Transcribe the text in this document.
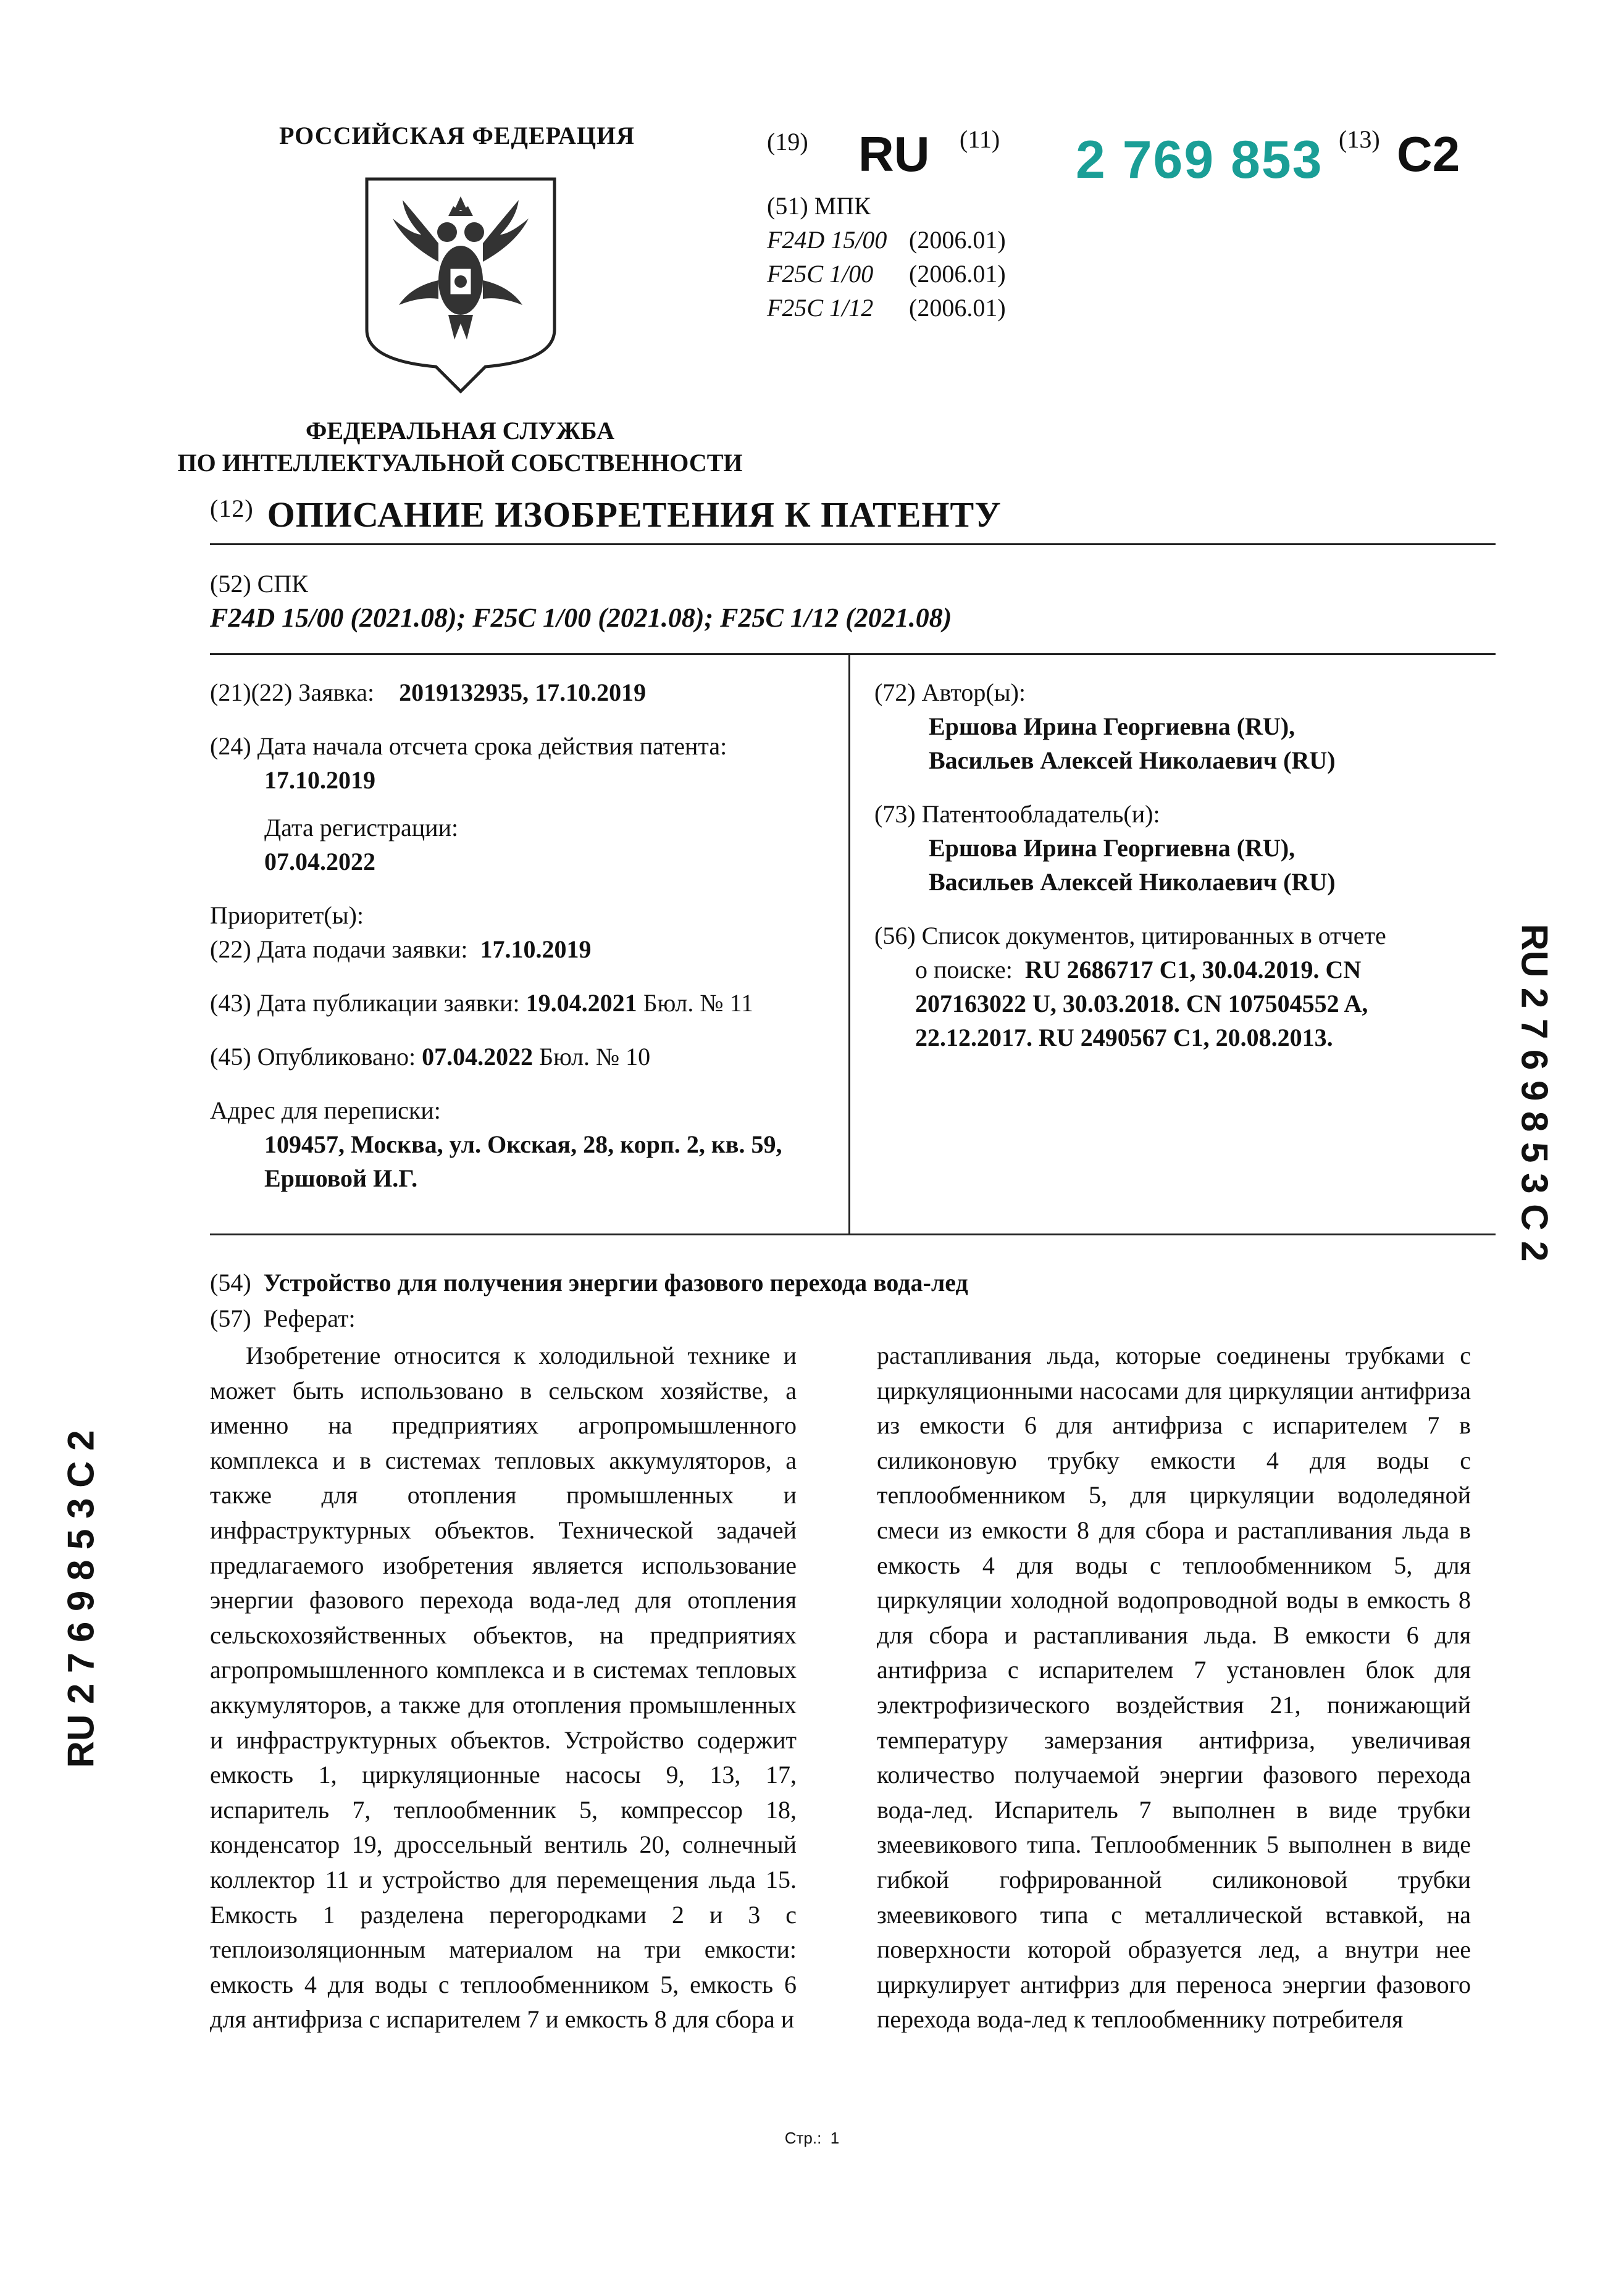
РОССИЙСКАЯ ФЕДЕРАЦИЯ
ФЕДЕРАЛЬНАЯ СЛУЖБА
ПО ИНТЕЛЛЕКТУАЛЬНОЙ СОБСТВЕННОСТИ
(19) RU (11) 2 769 853 (13) C2
(51) МПК
F24D 15/00 (2006.01)
F25C 1/00 (2006.01)
F25C 1/12 (2006.01)
$^{(12)}$ ОПИСАНИЕ ИЗОБРЕТЕНИЯ К ПАТЕНТУ
(52) СПК
F24D 15/00 (2021.08); F25C 1/00 (2021.08); F25C 1/12 (2021.08)
(21)(22) Заявка: 2019132935, 17.10.2019
(24) Дата начала отсчета срока действия патента:
17.10.2019
Дата регистрации:
07.04.2022
Приоритет(ы):
(22) Дата подачи заявки: 17.10.2019
(43) Дата публикации заявки: 19.04.2021 Бюл. № 11
(45) Опубликовано: 07.04.2022 Бюл. № 10
Адрес для переписки:
109457, Москва, ул. Окская, 28, корп. 2, кв. 59,
Ершовой И.Г.
(72) Автор(ы):
Ершова Ирина Георгиевна (RU),
Васильев Алексей Николаевич (RU)
(73) Патентообладатель(и):
Ершова Ирина Георгиевна (RU),
Васильев Алексей Николаевич (RU)
(56) Список документов, цитированных в отчете
о поиске: RU 2686717 C1, 30.04.2019. CN
207163022 U, 30.03.2018. CN 107504552 A,
22.12.2017. RU 2490567 C1, 20.08.2013.	RU 2 7 6 9 8 5 3 C 2
RU 2 7 6 9 8 5 3 C 2
(54) Устройство для получения энергии фазового перехода вода-лед
(57) Реферат:

Изобретение относится к холодильной технике и может быть использовано в сельском хозяйстве, а именно на предприятиях агропромышленного комплекса и в системах тепловых аккумуляторов, а также для отопления промышленных и инфраструктурных объектов. Технической задачей предлагаемого изобретения является использование энергии фазового перехода вода-лед для отопления сельскохозяйственных объектов, на предприятиях агропромышленного комплекса и в системах тепловых аккумуляторов, а также для отопления промышленных и инфраструктурных объектов. Устройство содержит емкость 1, циркуляционные насосы 9, 13, 17, испаритель 7, теплообменник 5, компрессор 18, конденсатор 19, дроссельный вентиль 20, солнечный коллектор 11 и устройство для перемещения льда 15. Емкость 1 разделена перегородками 2 и 3 с теплоизоляционным материалом на три емкости: емкость 4 для воды с теплообменником 5, емкость 6 для антифриза с испарителем 7 и емкость 8 для сбора и

растапливания льда, которые соединены трубками с циркуляционными насосами для циркуляции антифриза из емкости 6 для антифриза с испарителем 7 в силиконовую трубку емкости 4 для воды с теплообменником 5, для циркуляции водоледяной смеси из емкости 8 для сбора и растапливания льда в емкость 4 для воды с теплообменником 5, для циркуляции холодной водопроводной воды в емкость 8 для сбора и растапливания льда. В емкости 6 для антифриза с испарителем 7 установлен блок для электрофизического воздействия 21, понижающий температуру замерзания антифриза, увеличивая количество получаемой энергии фазового перехода вода-лед. Испаритель 7 выполнен в виде трубки змеевикового типа. Теплообменник 5 выполнен в виде гибкой гофрированной силиконовой трубки змеевикового типа с металлической вставкой, на поверхности которой образуется лед, а внутри нее циркулирует антифриз для переноса энергии фазового перехода вода-лед к теплообменнику потребителя

Стр.: 1
